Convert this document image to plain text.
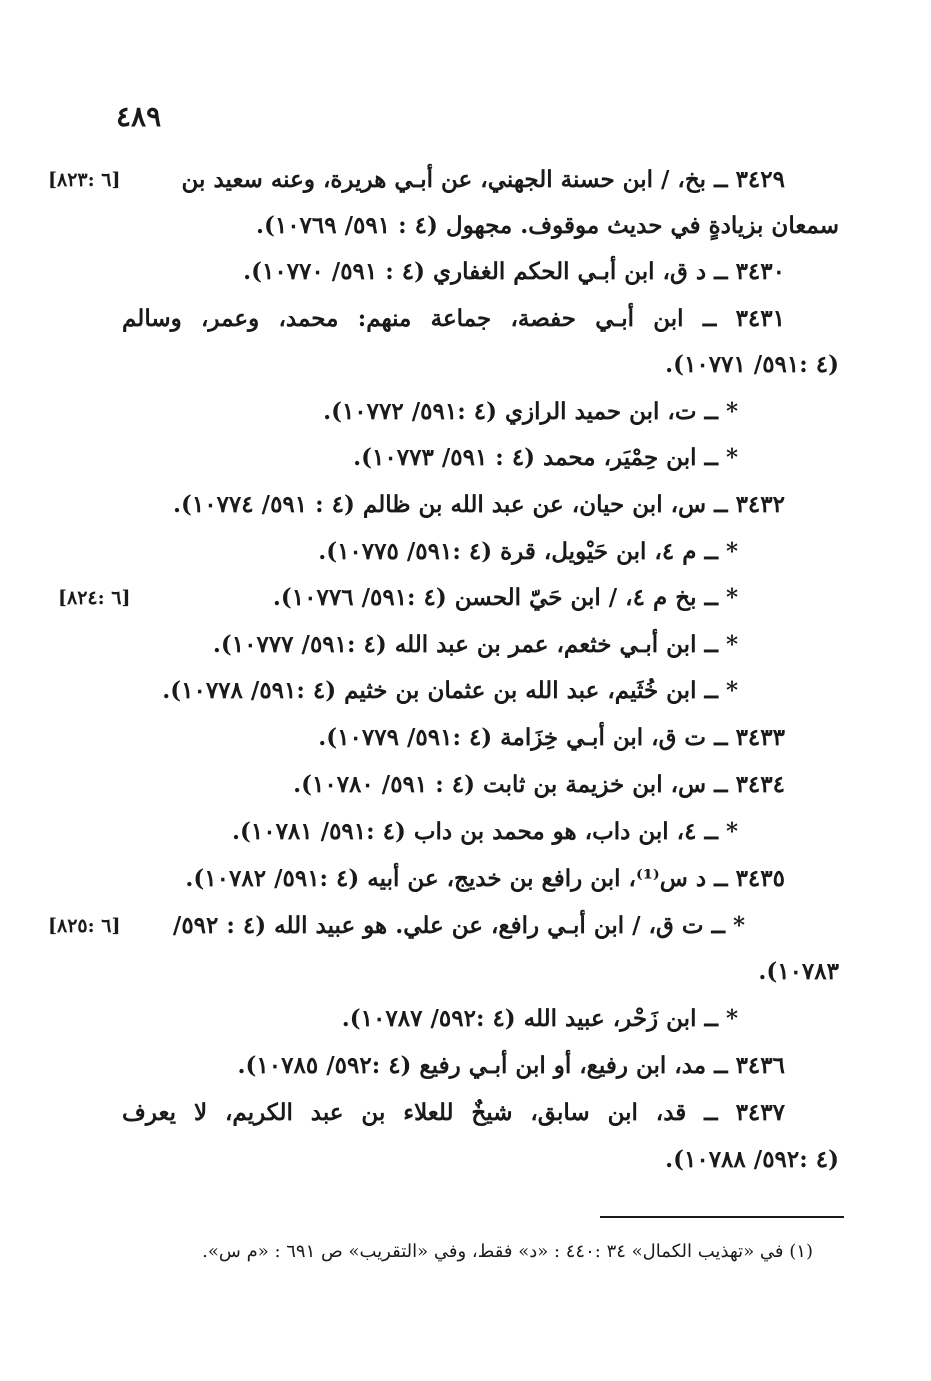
٤٨٩
٣٤٢٩ ــ بخ، / ابن حسنة الجهني، عن أبـي هريرة، وعنه سعيد بن
[٦ :٨٢٣]
سمعان بزيادةٍ في حديث موقوف. مجهول (٤ : ٥٩١/ ١٠٧٦٩).
٣٤٣٠ ــ د ق، ابن أبـي الحكم الغفاري (٤ : ٥٩١/ ١٠٧٧٠).
٣٤٣١ ــ ابن أبـي حفصة، جماعة منهم: محمد، وعمر، وسالم
(٤ :٥٩١/ ١٠٧٧١).
* ــ ت، ابن حميد الرازي (٤ :٥٩١/ ١٠٧٧٢).
* ــ ابن حِمْيَر، محمد (٤ : ٥٩١/ ١٠٧٧٣).
٣٤٣٢ ــ س، ابن حيان، عن عبد الله بن ظالم (٤ : ٥٩١/ ١٠٧٧٤).
* ــ م ٤، ابن حَيْويل، قرة (٤ :٥٩١/ ١٠٧٧٥).
* ــ بخ م ٤، / ابن حَيّ الحسن (٤ :٥٩١/ ١٠٧٧٦).
[٦ :٨٢٤]
* ــ ابن أبـي خثعم، عمر بن عبد الله (٤ :٥٩١/ ١٠٧٧٧).
* ــ ابن خُثَيم، عبد الله بن عثمان بن خثيم (٤ :٥٩١/ ١٠٧٧٨).
٣٤٣٣ ــ ت ق، ابن أبـي خِزَامة (٤ :٥٩١/ ١٠٧٧٩).
٣٤٣٤ ــ س، ابن خزيمة بن ثابت (٤ : ٥٩١/ ١٠٧٨٠).
* ــ ٤، ابن داب، هو محمد بن داب (٤ :٥٩١/ ١٠٧٨١).
٣٤٣٥ ــ د س⁽¹⁾، ابن رافع بن خديج، عن أبيه (٤ :٥٩١/ ١٠٧٨٢).
* ــ ت ق، / ابن أبـي رافع، عن علي. هو عبيد الله (٤ : ٥٩٢/
[٦ :٨٢٥]
١٠٧٨٣).
* ــ ابن زَحْر، عبيد الله (٤ :٥٩٢/ ١٠٧٨٧).
٣٤٣٦ ــ مد، ابن رفيع، أو ابن أبـي رفيع (٤ :٥٩٢/ ١٠٧٨٥).
٣٤٣٧ ــ قد، ابن سابق، شيخٌ للعلاء بن عبد الكريم، لا يعرف
(٤ :٥٩٢/ ١٠٧٨٨).
(١) في «تهذيب الكمال» ٣٤ :٤٤٠ : «د» فقط، وفي «التقريب» ص ٦٩١ : «م س».
